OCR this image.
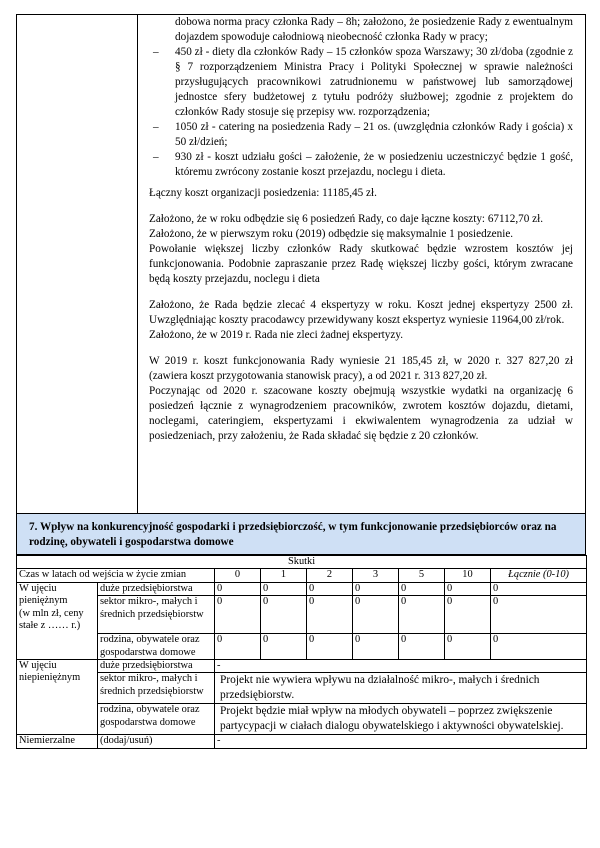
dobowa norma pracy członka Rady – 8h; założono, że posiedzenie Rady z ewentualnym dojazdem spowoduje całodniową nieobecność członka Rady w pracy;
– 450 zł - diety dla członków Rady – 15 członków spoza Warszawy; 30 zł/doba (zgodnie z § 7 rozporządzeniem Ministra Pracy i Polityki Społecznej w sprawie należności przysługujących pracownikowi zatrudnionemu w państwowej lub samorządowej jednostce sfery budżetowej z tytułu podróży służbowej; zgodnie z projektem do członków Rady stosuje się przepisy ww. rozporządzenia;
– 1050 zł - catering na posiedzenia Rady – 21 os. (uwzględnia członków Rady i gościa) x 50 zł/dzień;
– 930 zł - koszt udziału gości – założenie, że w posiedzeniu uczestniczyć będzie 1 gość, któremu zwrócony zostanie koszt przejazdu, noclegu i dieta.

Łączny koszt organizacji posiedzenia: 11185,45 zł.

Założono, że w roku odbędzie się 6 posiedzeń Rady, co daje łączne koszty: 67112,70 zł.

Założono, że w pierwszym roku (2019) odbędzie się maksymalnie 1 posiedzenie.

Powołanie większej liczby członków Rady skutkować będzie wzrostem kosztów jej funkcjonowania. Podobnie zapraszanie przez Radę większej liczby gości, którym zwracane będą koszty przejazdu, noclegu i dieta

Założono, że Rada będzie zlecać 4 ekspertyzy w roku. Koszt jednej ekspertyzy 2500 zł. Uwzględniając koszty pracodawcy przewidywany koszt ekspertyz wyniesie 11964,00 zł/rok.

Założono, że w 2019 r. Rada nie zleci żadnej ekspertyzy.

W 2019 r. koszt funkcjonowania Rady wyniesie 21 185,45 zł, w 2020 r. 327 827,20 zł (zawiera koszt przygotowania stanowisk pracy), a od 2021 r. 313 827,20 zł.

Poczynając od 2020 r. szacowane koszty obejmują wszystkie wydatki na organizację 6 posiedzeń łącznie z wynagrodzeniem pracowników, zwrotem kosztów dojazdu, dietami, noclegami, cateringiem, ekspertyzami i ekwiwalentem wynagrodzenia za udział w posiedzeniach, przy założeniu, że Rada składać się będzie z 20 członków.

7. Wpływ na konkurencyjność gospodarki i przedsiębiorczość, w tym funkcjonowanie przedsiębiorców oraz na rodzinę, obywateli i gospodarstwa domowe
Skutki								
Czas w latach od wejścia w życie zmian		0	1	2	3	5	10	Łącznie (0-10)

W ujęciu pieniężnym
(w mln zł, ceny stałe z …… r.)	duże przedsiębiorstwa	0	0	0	0	0	0	0
	sektor mikro-, małych i średnich przedsiębiorstw	0	0	0	0	0	0	0
	rodzina, obywatele oraz gospodarstwa domowe	0	0	0	0	0	0	0
W ujęciu niepieniężnym	duże przedsiębiorstwa	-						
	sektor mikro-, małych i średnich przedsiębiorstw	Projekt nie wywiera wpływu na działalność mikro-, małych i średnich przedsiębiorstw.						
	rodzina, obywatele oraz gospodarstwa domowe	Projekt będzie miał wpływ na młodych obywateli – poprzez zwiększenie partycypacji w ciałach dialogu obywatelskiego i aktywności obywatelskiej.						
Niemierzalne	(dodaj/usuń)	-						
